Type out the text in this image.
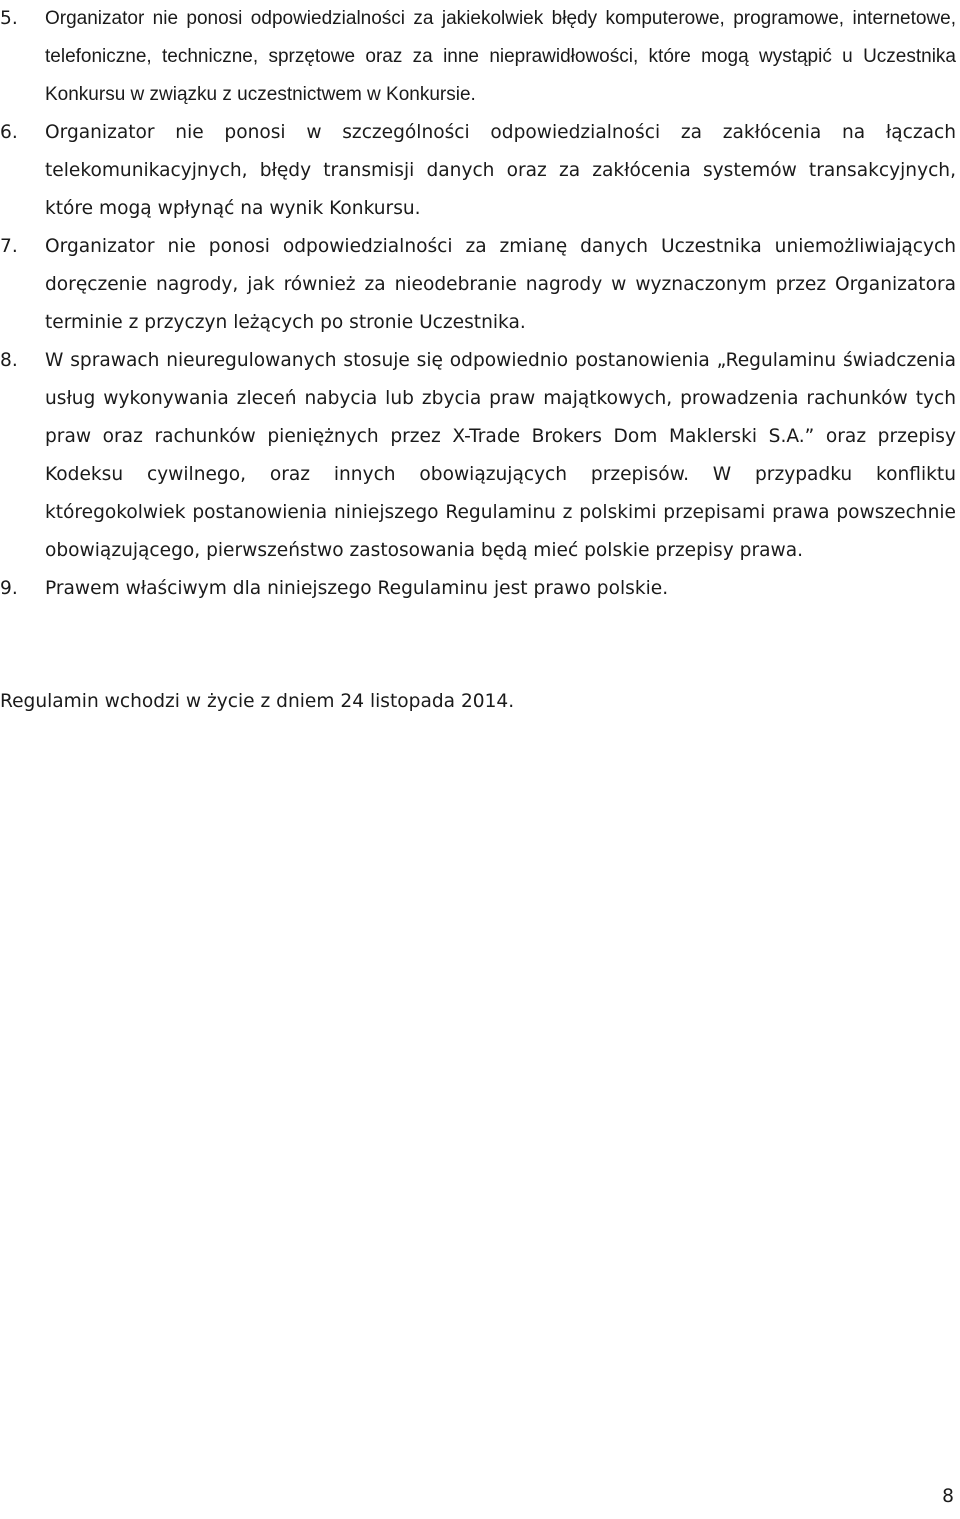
5. Organizator nie ponosi odpowiedzialności za jakiekolwiek błędy komputerowe, programowe, internetowe, telefoniczne, techniczne, sprzętowe oraz za inne nieprawidłowości, które mogą wystąpić u Uczestnika Konkursu w związku z uczestnictwem w Konkursie.

6. Organizator nie ponosi w szczególności odpowiedzialności za zakłócenia na łączach telekomunikacyjnych, błędy transmisji danych oraz za zakłócenia systemów transakcyjnych, które mogą wpłynąć na wynik Konkursu.

7. Organizator nie ponosi odpowiedzialności za zmianę danych Uczestnika uniemożliwiających doręczenie nagrody, jak również za nieodebranie nagrody w wyznaczonym przez Organizatora terminie z przyczyn leżących po stronie Uczestnika.

8. W sprawach nieuregulowanych stosuje się odpowiednio postanowienia „Regulaminu świadczenia usług wykonywania zleceń nabycia lub zbycia praw majątkowych, prowadzenia rachunków tych praw oraz rachunków pieniężnych przez X-Trade Brokers Dom Maklerski S.A.” oraz przepisy Kodeksu cywilnego, oraz innych obowiązujących przepisów. W przypadku konfliktu któregokolwiek postanowienia niniejszego Regulaminu z polskimi przepisami prawa powszechnie obowiązującego, pierwszeństwo zastosowania będą mieć polskie przepisy prawa.

9. Prawem właściwym dla niniejszego Regulaminu jest prawo polskie.

Regulamin wchodzi w życie z dniem 24 listopada 2014.

8
